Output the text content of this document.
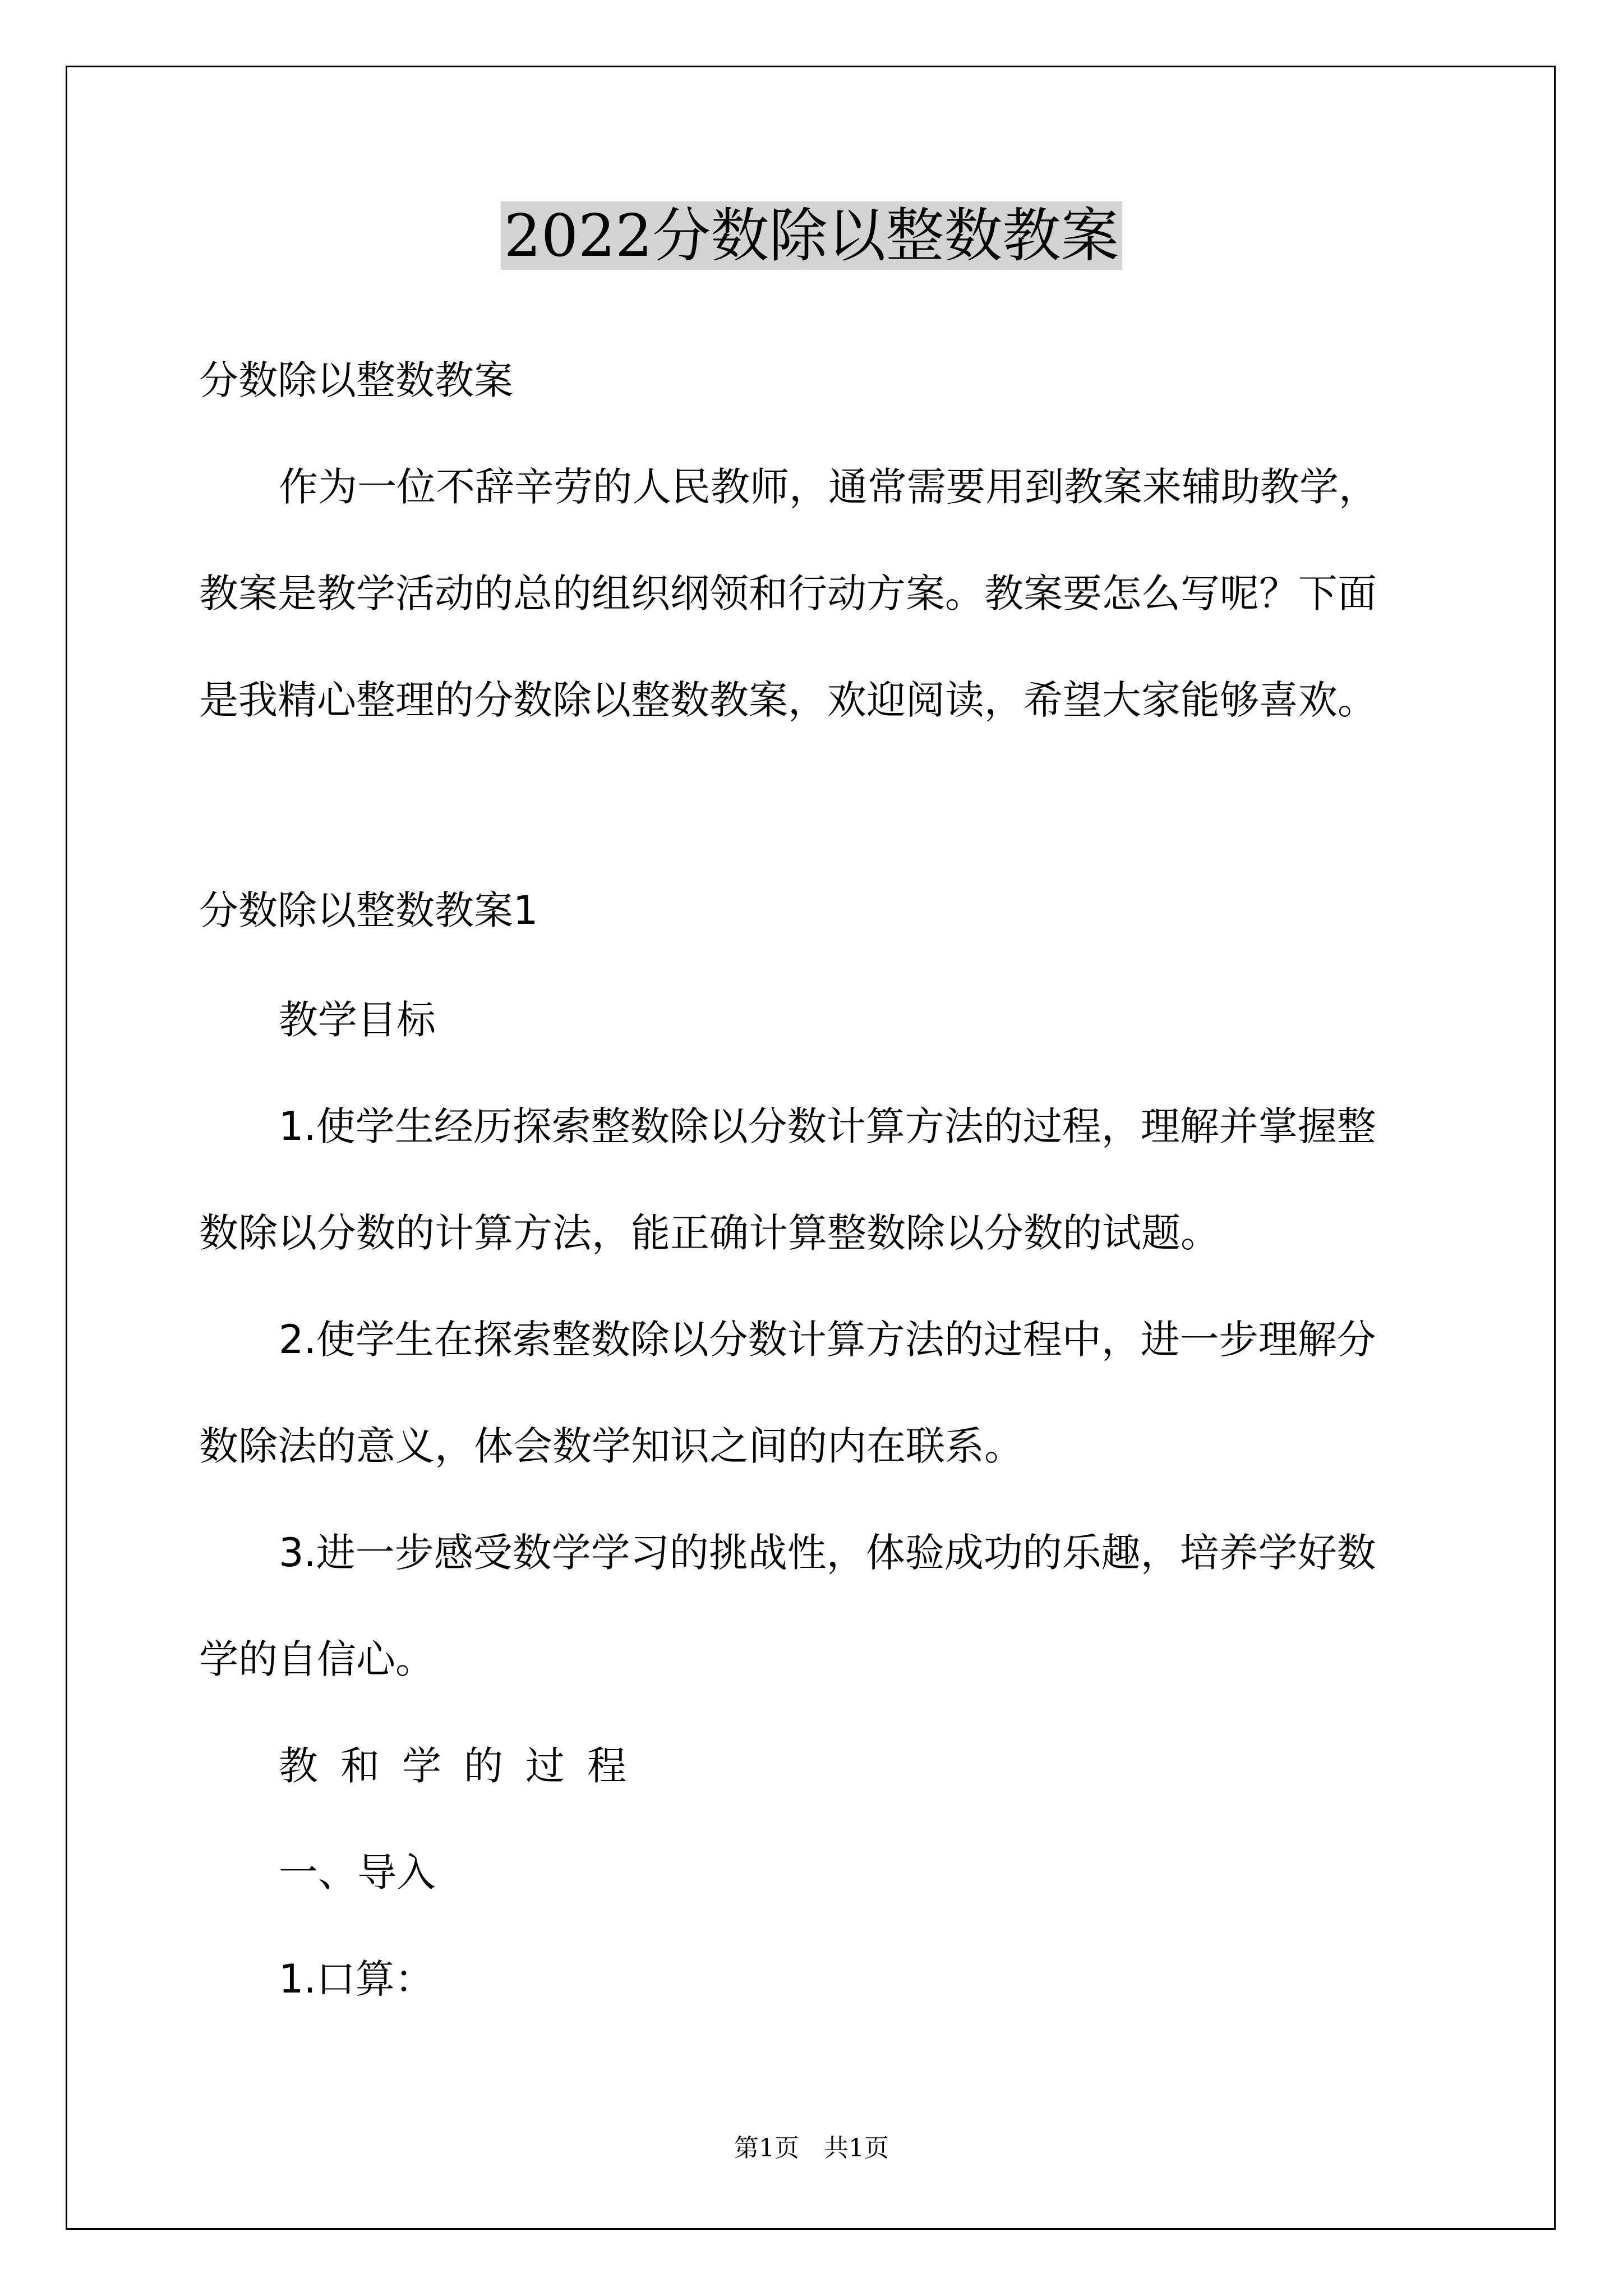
2022分数除以整数教案
分数除以整数教案
作为一位不辞辛劳的人民教师，通常需要用到教案来辅助教学，
教案是教学活动的总的组织纲领和行动方案。教案要怎么写呢？下面
是我精心整理的分数除以整数教案，欢迎阅读，希望大家能够喜欢。
分数除以整数教案1
教学目标
1.使学生经历探索整数除以分数计算方法的过程，理解并掌握整
数除以分数的计算方法，能正确计算整数除以分数的试题。
2.使学生在探索整数除以分数计算方法的过程中，进一步理解分
数除法的意义，体会数学知识之间的内在联系。
3.进一步感受数学学习的挑战性，体验成功的乐趣，培养学好数
学的自信心。
教和学的过程
一、导入
1.口算：
第1页　共1页
